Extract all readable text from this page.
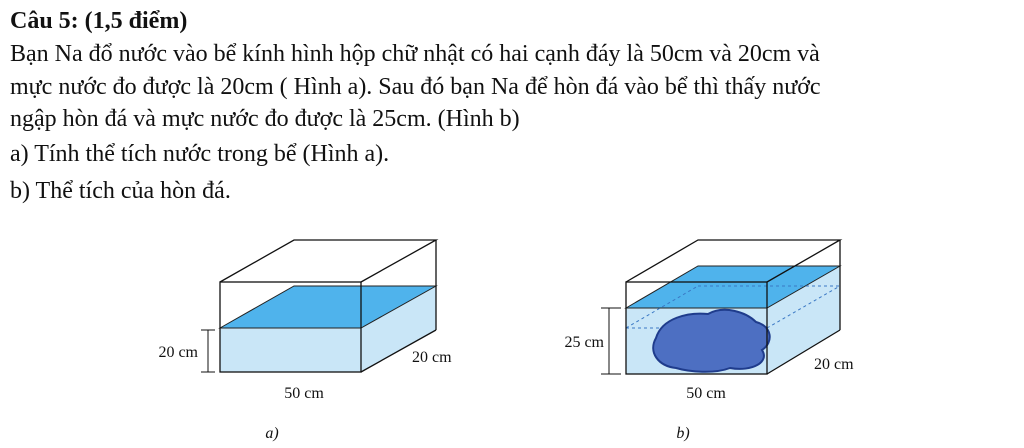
Câu 5: (1,5 điểm)

Bạn Na đổ nước vào bể kính hình hộp chữ nhật có hai cạnh đáy là 50cm và 20cm và
mực nước đo được là 20cm ( Hình a). Sau đó bạn Na để hòn đá vào bể thì thấy nước
ngập hòn đá và mực nước đo được là 25cm. (Hình b)

a) Tính thể tích nước trong bể (Hình a).

b) Thể tích của hòn đá.

20 cm	20 cm
50 cm
a)
25 cm
20 cm
50 cm
b)
